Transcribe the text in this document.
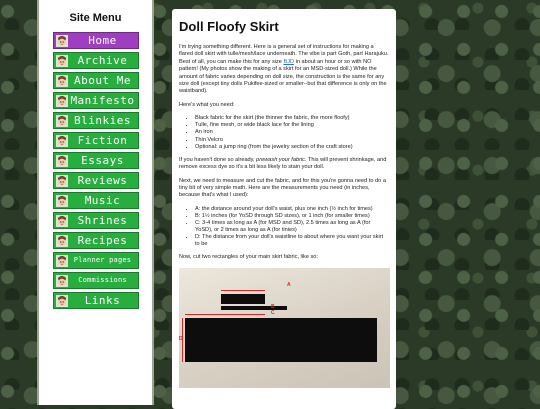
Site Menu
Home
Archive
About Me
Manifesto
Blinkies
Fiction
Essays
Reviews
Music
Shrines
Recipes
Planner pages
Commissions
Links
Doll Floofy Skirt

I'm trying something different. Here is a general set of instructions for making a flared doll skirt with tulle/mesh/lace underneath. The vibe is part Goth, part Harajuku. Best of all, you can make this for any size BJD in about an hour or so with NO pattern! (My photos show the making of a skirt for an MSD-sized doll.) While the amount of fabric varies depending on doll size, the construction is the same for any size doll (except tiny dolls Pukifee-sized or smaller--but that difference is only on the waistband).

Here's what you need:

• Black fabric for the skirt (the thinner the fabric, the more floofy)
• Tulle, fine mesh, or wide black lace for the lining
• An iron
• Thin Velcro
• Optional: a jump ring (from the jewelry section of the craft store)

If you haven't done so already, prewash your fabric. This will prevent shrinkage, and remove excess dye so it's a bit less likely to stain your doll.

Next, we need to measure and cut the fabric, and for this you're gonna need to do a tiny bit of very simple math. Here are the measurements you need (in inches, because that's what I used):

• A: the distance around your doll's waist, plus one inch (½ inch for times)
• B: 1½ inches (for YoSD through SD sizes), or 1 inch (for smaller times)
• C: 3-4 times as long as A (for MSD and SD), 2.5 times as long as A (for YoSD), or 2 times as long as A (for tinies)
• D: The distance from your doll's waistline to about where you want your skirt to be

Now, cut two rectangles of your main skirt fabric, like so:

A
B
C
D
